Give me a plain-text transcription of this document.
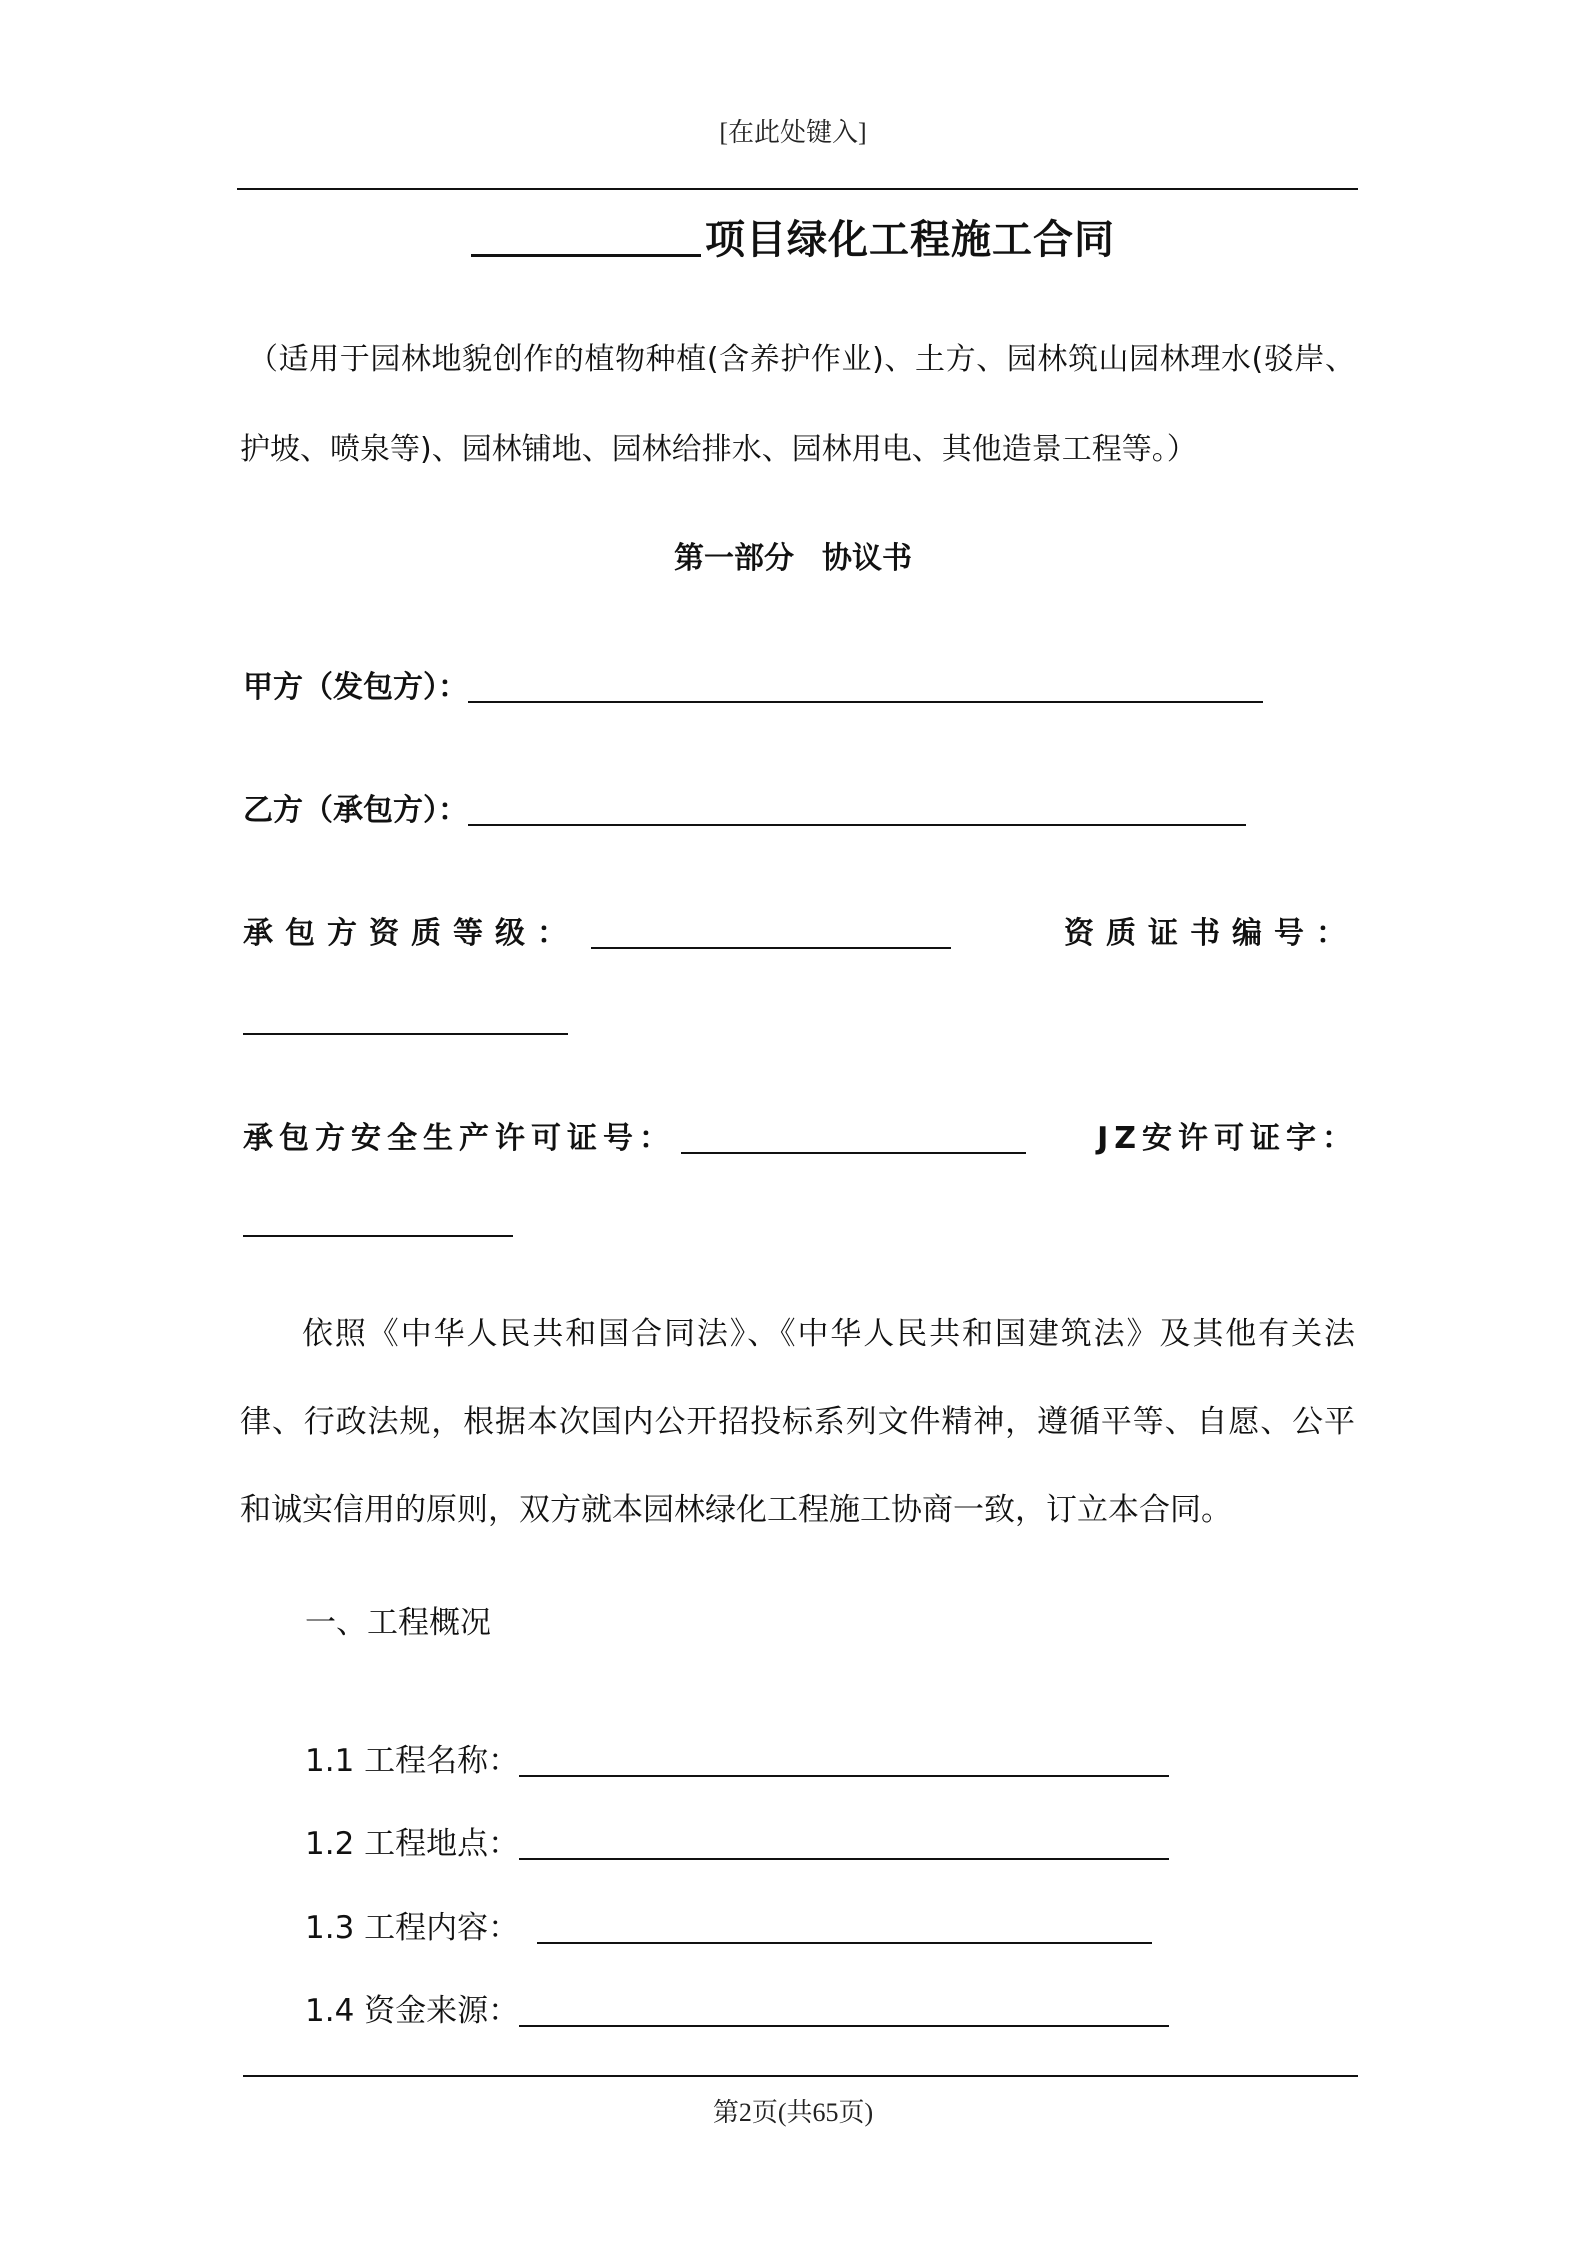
[在此处键入]
项目绿化工程施工合同
（适用于园林地貌创作的植物种植(含养护作业)、土方、园林筑山园林理水(驳岸、护坡、喷泉等)、园林铺地、园林给排水、园林用电、其他造景工程等。）
第一部分 协议书
甲方（发包方）：
乙方（承包方）：
承包方资质等级：	资质证书编号：
承包方安全生产许可证号：	JZ安许可证字：
依照《中华人民共和国合同法》、《中华人民共和国建筑法》及其他有关法律、行政法规，根据本次国内公开招投标系列文件精神，遵循平等、自愿、公平和诚实信用的原则，双方就本园林绿化工程施工协商一致，订立本合同。
一、工程概况
1.1 工程名称：
1.2 工程地点：
1.3 工程内容：
1.4 资金来源：
第2页(共65页)
